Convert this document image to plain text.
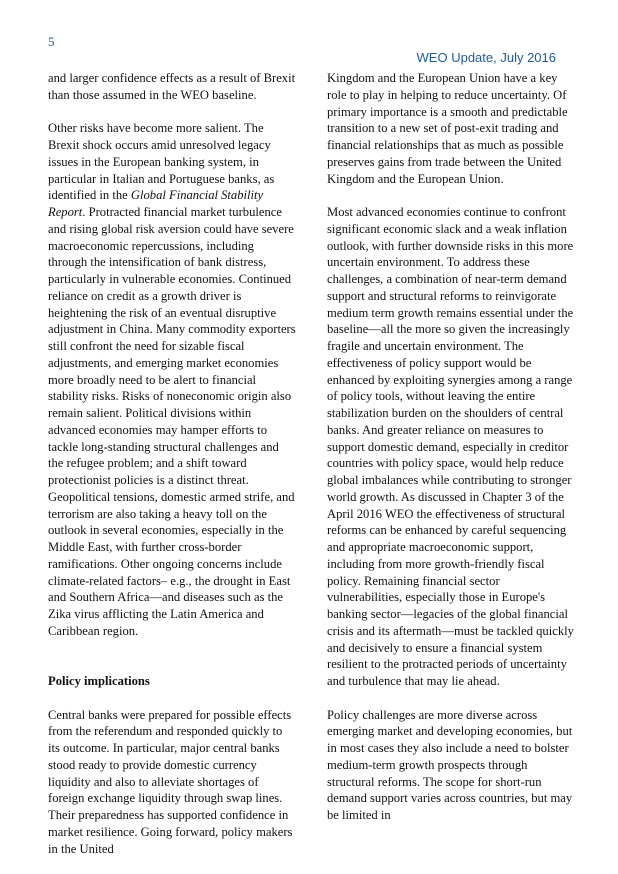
5
WEO Update, July 2016

and larger confidence effects as a result of Brexit than those assumed in the WEO baseline.

Other risks have become more salient. The Brexit shock occurs amid unresolved legacy issues in the European banking system, in particular in Italian and Portuguese banks, as identified in the Global Financial Stability Report. Protracted financial market turbulence and rising global risk aversion could have severe macroeconomic repercussions, including through the intensification of bank distress, particularly in vulnerable economies. Continued reliance on credit as a growth driver is heightening the risk of an eventual disruptive adjustment in China. Many commodity exporters still confront the need for sizable fiscal adjustments, and emerging market economies more broadly need to be alert to financial stability risks. Risks of noneconomic origin also remain salient. Political divisions within advanced economies may hamper efforts to tackle long-standing structural challenges and the refugee problem; and a shift toward protectionist policies is a distinct threat. Geopolitical tensions, domestic armed strife, and terrorism are also taking a heavy toll on the outlook in several economies, especially in the Middle East, with further cross-border ramifications. Other ongoing concerns include climate-related factors– e.g., the drought in East and Southern Africa—and diseases such as the Zika virus afflicting the Latin America and Caribbean region.

Policy implications

Central banks were prepared for possible effects from the referendum and responded quickly to its outcome. In particular, major central banks stood ready to provide domestic currency liquidity and also to alleviate shortages of foreign exchange liquidity through swap lines. Their preparedness has supported confidence in market resilience. Going forward, policy makers in the United

Kingdom and the European Union have a key role to play in helping to reduce uncertainty. Of primary importance is a smooth and predictable transition to a new set of post-exit trading and financial relationships that as much as possible preserves gains from trade between the United Kingdom and the European Union.

Most advanced economies continue to confront significant economic slack and a weak inflation outlook, with further downside risks in this more uncertain environment. To address these challenges, a combination of near-term demand support and structural reforms to reinvigorate medium term growth remains essential under the baseline—all the more so given the increasingly fragile and uncertain environment. The effectiveness of policy support would be enhanced by exploiting synergies among a range of policy tools, without leaving the entire stabilization burden on the shoulders of central banks. And greater reliance on measures to support domestic demand, especially in creditor countries with policy space, would help reduce global imbalances while contributing to stronger world growth. As discussed in Chapter 3 of the April 2016 WEO the effectiveness of structural reforms can be enhanced by careful sequencing and appropriate macroeconomic support, including from more growth-friendly fiscal policy. Remaining financial sector vulnerabilities, especially those in Europe's banking sector—legacies of the global financial crisis and its aftermath—must be tackled quickly and decisively to ensure a financial system resilient to the protracted periods of uncertainty and turbulence that may lie ahead.

Policy challenges are more diverse across emerging market and developing economies, but in most cases they also include a need to bolster medium-term growth prospects through structural reforms. The scope for short-run demand support varies across countries, but may be limited in
